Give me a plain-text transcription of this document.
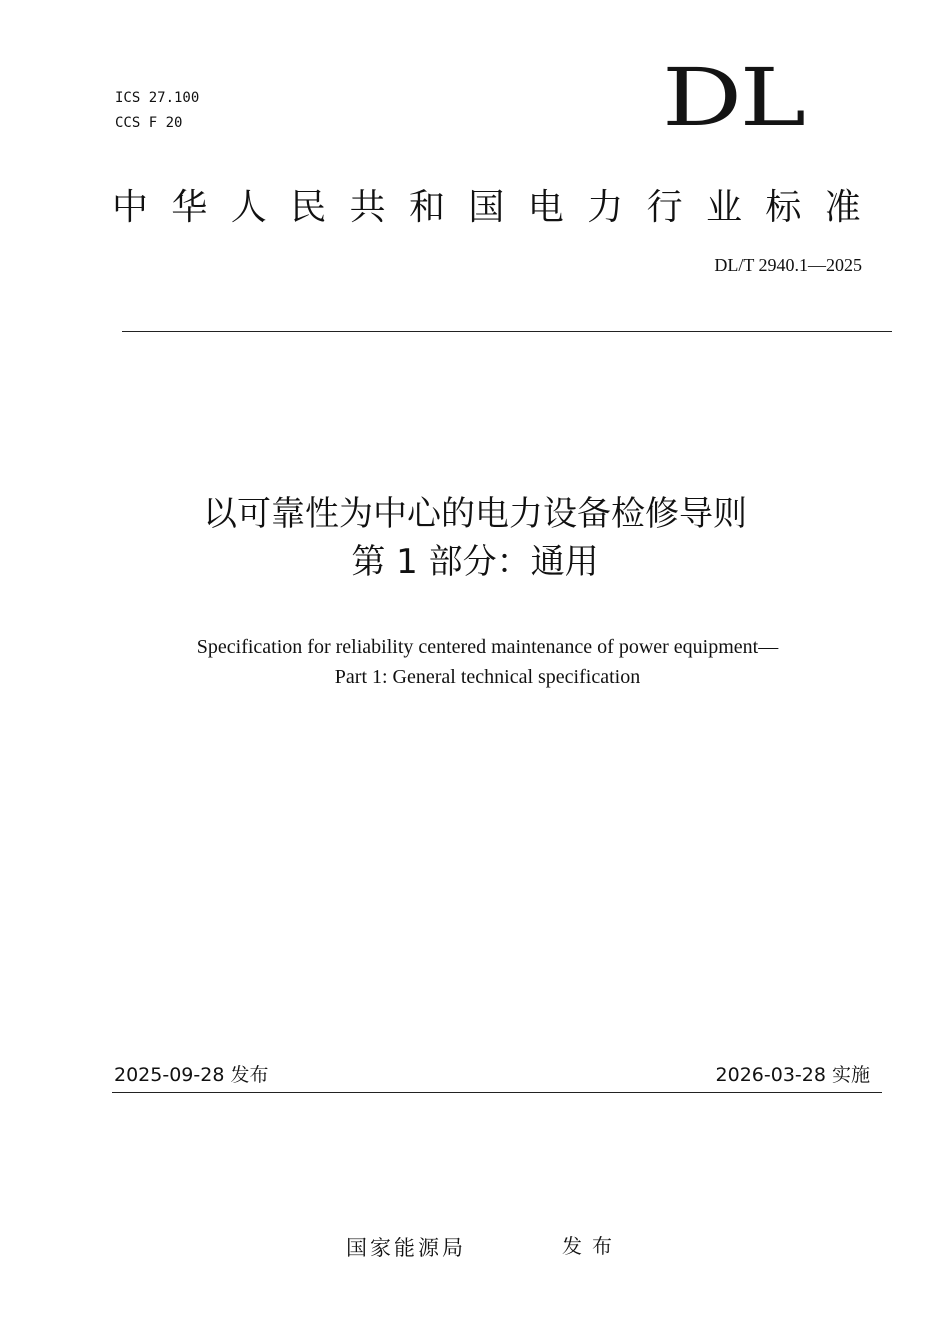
ICS 27.100
CCS F 20	DL
中华人民共和国电力行业标准
DL/T 2940.1—2025
以可靠性为中心的电力设备检修导则
第 1 部分：通用
Specification for reliability centered maintenance of power equipment—
Part 1: General technical specification
2025-09-28 发布	2026-03-28 实施
国家能源局	发布
